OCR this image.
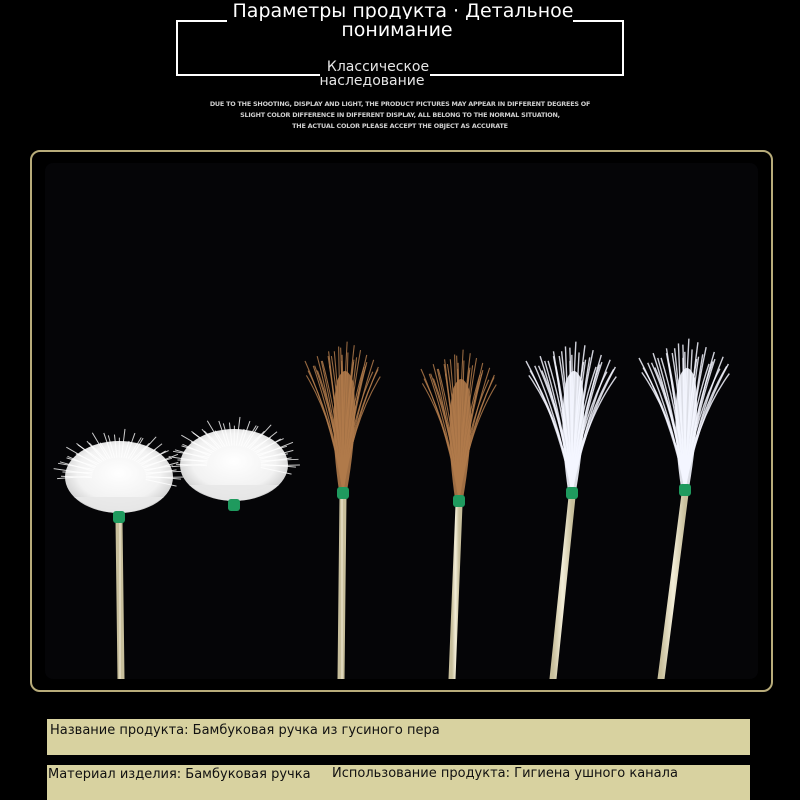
Параметры продукта · Детальное понимание
Классическое наследование
DUE TO THE SHOOTING, DISPLAY AND LIGHT, THE PRODUCT PICTURES MAY APPEAR IN DIFFERENT DEGREES OF
SLIGHT COLOR DIFFERENCE IN DIFFERENT DISPLAY, ALL BELONG TO THE NORMAL SITUATION,
THE ACTUAL COLOR PLEASE ACCEPT THE OBJECT AS ACCURATE
Название продукта: Бамбуковая ручка из гусиного пера
Материал изделия: Бамбуковая ручка Использование продукта: Гигиена ушного канала
